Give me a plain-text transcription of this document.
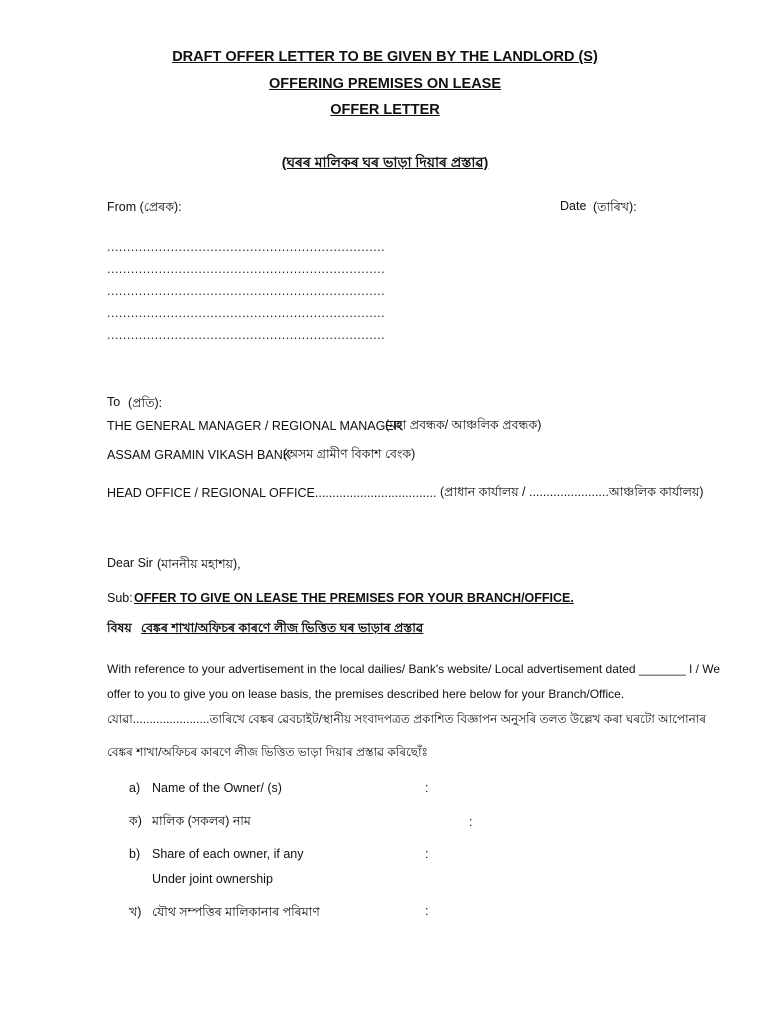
DRAFT OFFER LETTER TO BE GIVEN BY THE LANDLORD (S)
OFFERING PREMISES ON LEASE
OFFER LETTER
(ঘৰৰ মালিকৰ ঘৰ ভাড়া দিয়াৰ প্ৰস্তাৱ)
From (প্ৰেৰক):	Date (তাৰিখ):
......................................................................
......................................................................
......................................................................
......................................................................
......................................................................
To (প্ৰতি):
THE GENERAL MANAGER / REGIONAL MANAGER
(মহা প্ৰবন্ধক/ আঞ্চলিক প্ৰবন্ধক)
ASSAM GRAMIN VIKASH BANK
(অসম গ্ৰামীণ বিকাশ বেংক)
HEAD OFFICE / REGIONAL OFFICE................................... (প্ৰাধান কাৰ্যালয় / .......................আঞ্চলিক কাৰ্যালয়)
Dear Sir (মাননীয় মহাশয়),
Sub: OFFER TO GIVE ON LEASE THE PREMISES FOR YOUR BRANCH/OFFICE.
বিষয় বেঙ্কৰ শাখা/অফিচৰ কাৰণে লীজ ভিত্তিত ঘৰ ভাড়াৰ প্ৰস্তাৱ
With reference to your advertisement in the local dailies/ Bank's website/ Local advertisement dated _______ I / We
offer to you to give you on lease basis, the premises described here below for your Branch/Office.
যোৱা.......................তাৰিখে বেঙ্কৰ ৱেবচাইট/স্থানীয় সংবাদপত্ৰত প্ৰকাশিত বিজ্ঞাপন অনুসৰি তলত উল্লেখ কৰা ঘৰটো আপোনাৰ
বেঙ্কৰ শাখা/অফিচৰ কাৰণে লীজ ভিত্তিত ভাড়া দিয়াৰ প্ৰস্তাৱ কৰিছোঁঃ
a) Name of the Owner/ (s)	:
ক) মালিক (সকলৰ) নাম	:
b) Share of each owner, if any
Under joint ownership
:
খ) যৌথ সম্পত্তিৰ মালিকানাৰ পৰিমাণ	:
